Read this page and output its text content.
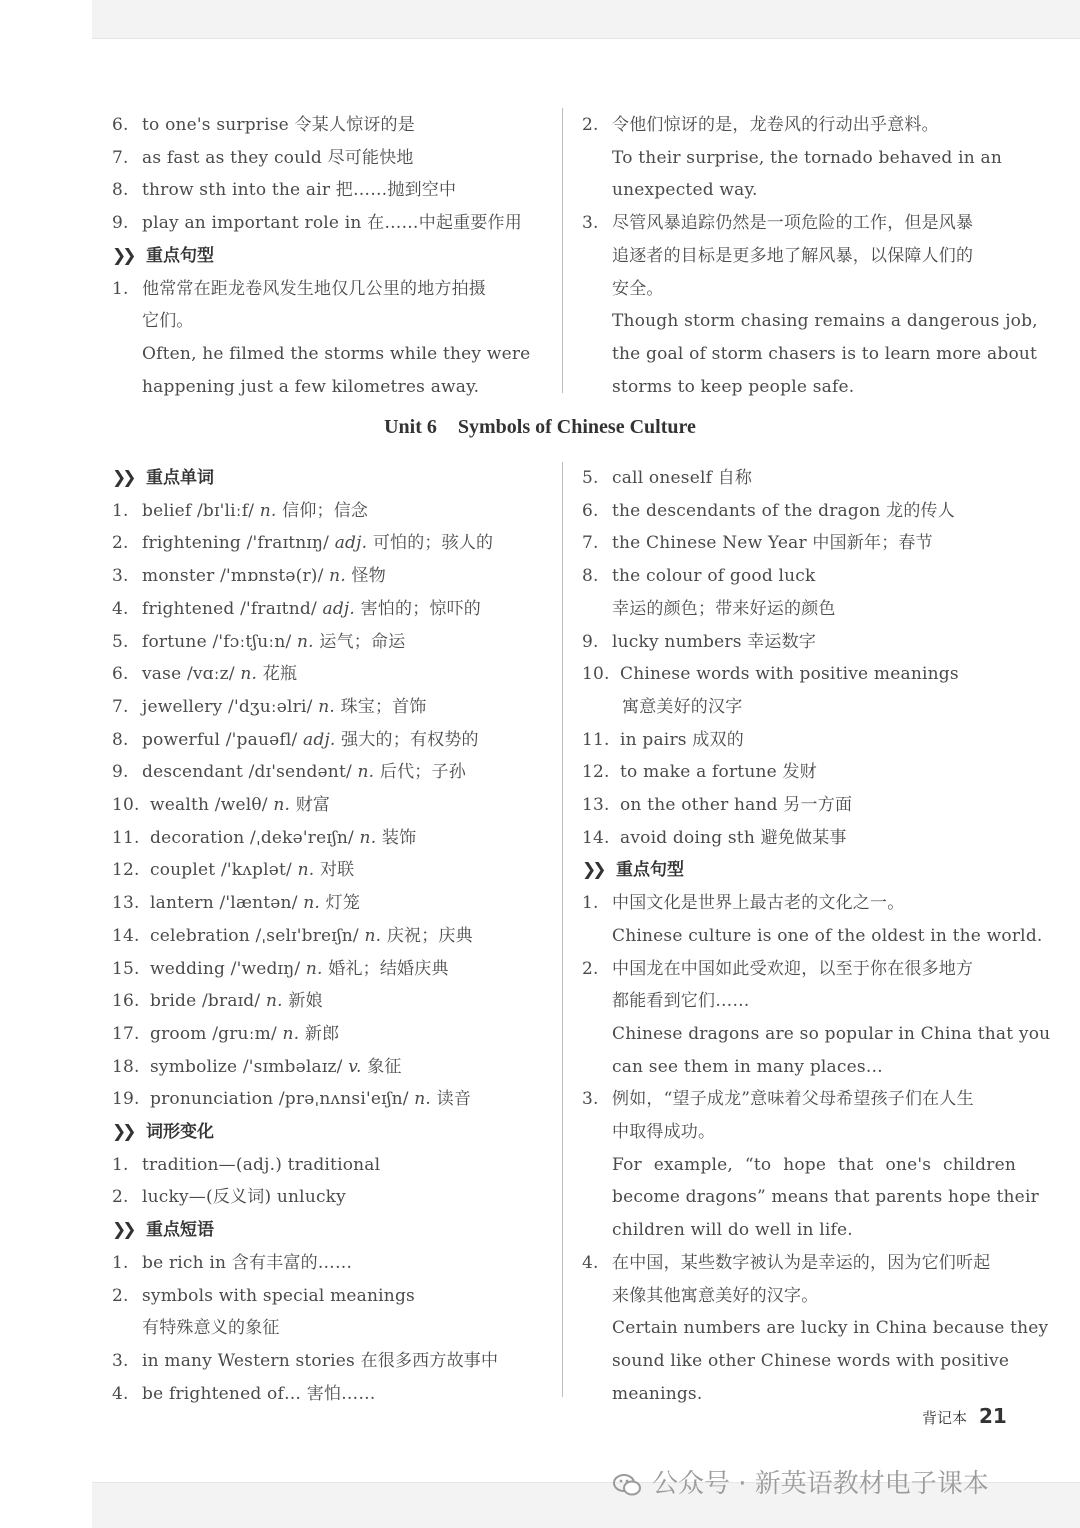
6. to one's surprise 令某人惊讶的是
7. as fast as they could 尽可能快地
8. throw sth into the air 把……抛到空中
9. play an important role in 在……中起重要作用
❯❯ 重点句型
1. 他常常在距龙卷风发生地仅几公里的地方拍摄
它们。
Often, he filmed the storms while they were
happening just a few kilometres away.
2. 令他们惊讶的是，龙卷风的行动出乎意料。
To their surprise, the tornado behaved in an
unexpected way.
3. 尽管风暴追踪仍然是一项危险的工作，但是风暴
追逐者的目标是更多地了解风暴，以保障人们的
安全。
Though storm chasing remains a dangerous job,
the goal of storm chasers is to learn more about
storms to keep people safe.
Unit 6 Symbols of Chinese Culture
❯❯ 重点单词
1. belief /bɪ'liːf/ n. 信仰；信念
2. frightening /'fraɪtnɪŋ/ adj. 可怕的；骇人的
3. monster /'mɒnstə(r)/ n. 怪物
4. frightened /'fraɪtnd/ adj. 害怕的；惊吓的
5. fortune /'fɔːtʃuːn/ n. 运气；命运
6. vase /vɑːz/ n. 花瓶
7. jewellery /'dʒuːəlri/ n. 珠宝；首饰
8. powerful /'pauəfl/ adj. 强大的；有权势的
9. descendant /dɪ'sendənt/ n. 后代；子孙
10. wealth /welθ/ n. 财富
11. decoration /ˌdekə'reɪʃn/ n. 装饰
12. couplet /'kʌplət/ n. 对联
13. lantern /'læntən/ n. 灯笼
14. celebration /ˌselɪ'breɪʃn/ n. 庆祝；庆典
15. wedding /'wedɪŋ/ n. 婚礼；结婚庆典
16. bride /braɪd/ n. 新娘
17. groom /gruːm/ n. 新郎
18. symbolize /'sɪmbəlaɪz/ v. 象征
19. pronunciation /prəˌnʌnsi'eɪʃn/ n. 读音
❯❯ 词形变化
1. tradition—(adj.) traditional
2. lucky—(反义词) unlucky
❯❯ 重点短语
1. be rich in 含有丰富的……
2. symbols with special meanings
有特殊意义的象征
3. in many Western stories 在很多西方故事中
4. be frightened of… 害怕……
5. call oneself 自称
6. the descendants of the dragon 龙的传人
7. the Chinese New Year 中国新年；春节
8. the colour of good luck
幸运的颜色；带来好运的颜色
9. lucky numbers 幸运数字
10. Chinese words with positive meanings
寓意美好的汉字
11. in pairs 成双的
12. to make a fortune 发财
13. on the other hand 另一方面
14. avoid doing sth 避免做某事
❯❯ 重点句型
1. 中国文化是世界上最古老的文化之一。
Chinese culture is one of the oldest in the world.
2. 中国龙在中国如此受欢迎，以至于你在很多地方
都能看到它们……
Chinese dragons are so popular in China that you
can see them in many places…
3. 例如，“望子成龙”意味着父母希望孩子们在人生
中取得成功。
For example, “to hope that one's children
become dragons” means that parents hope their
children will do well in life.
4. 在中国，某些数字被认为是幸运的，因为它们听起
来像其他寓意美好的汉字。
Certain numbers are lucky in China because they
sound like other Chinese words with positive
meanings.
背记本 21
公众号 · 新英语教材电子课本
